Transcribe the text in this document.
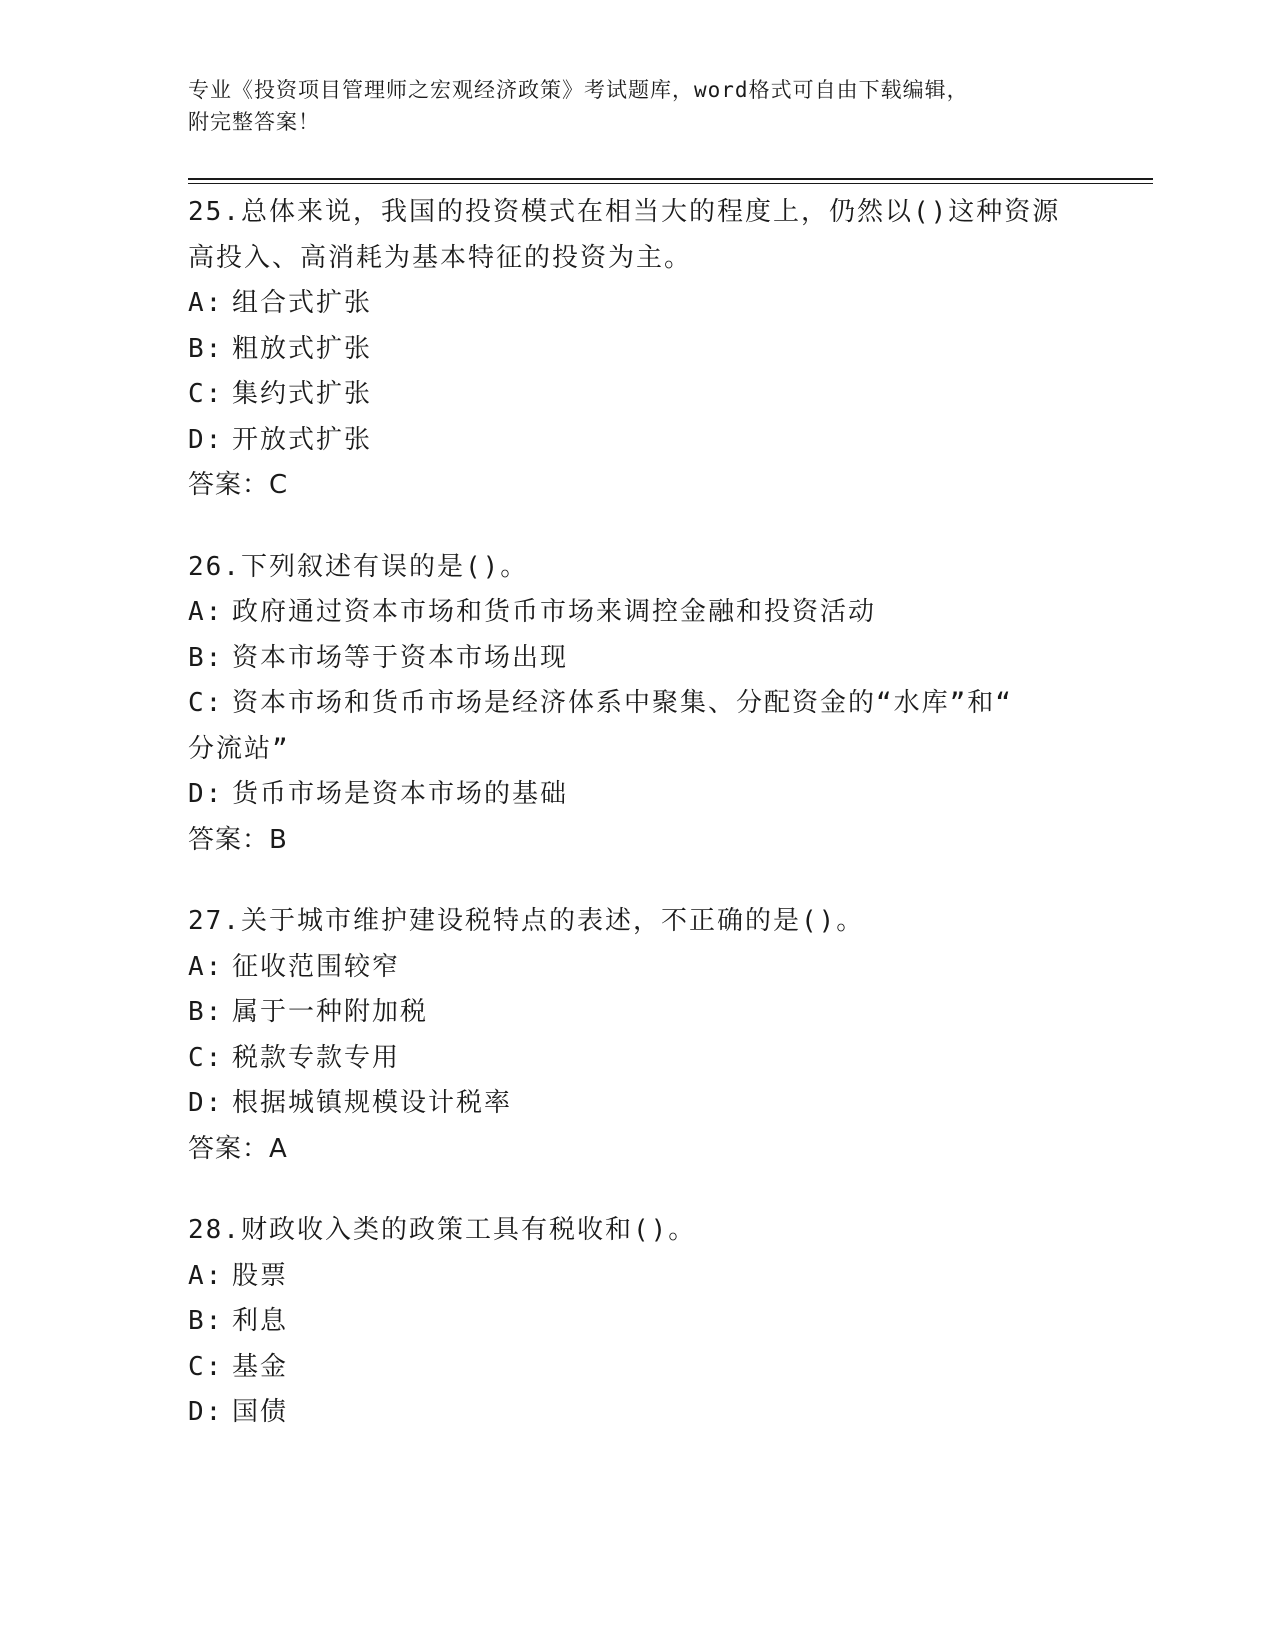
专业《投资项目管理师之宏观经济政策》考试题库，word格式可自由下载编辑，
附完整答案！
25.总体来说，我国的投资模式在相当大的程度上，仍然以()这种资源
高投入、高消耗为基本特征的投资为主。
A: 组合式扩张
B: 粗放式扩张
C: 集约式扩张
D: 开放式扩张
答案：C
26.下列叙述有误的是()。
A: 政府通过资本市场和货币市场来调控金融和投资活动
B: 资本市场等于资本市场出现
C: 资本市场和货币市场是经济体系中聚集、分配资金的“水库”和“
分流站”
D: 货币市场是资本市场的基础
答案：B
27.关于城市维护建设税特点的表述，不正确的是()。
A: 征收范围较窄
B: 属于一种附加税
C: 税款专款专用
D: 根据城镇规模设计税率
答案：A
28.财政收入类的政策工具有税收和()。
A: 股票
B: 利息
C: 基金
D: 国债
